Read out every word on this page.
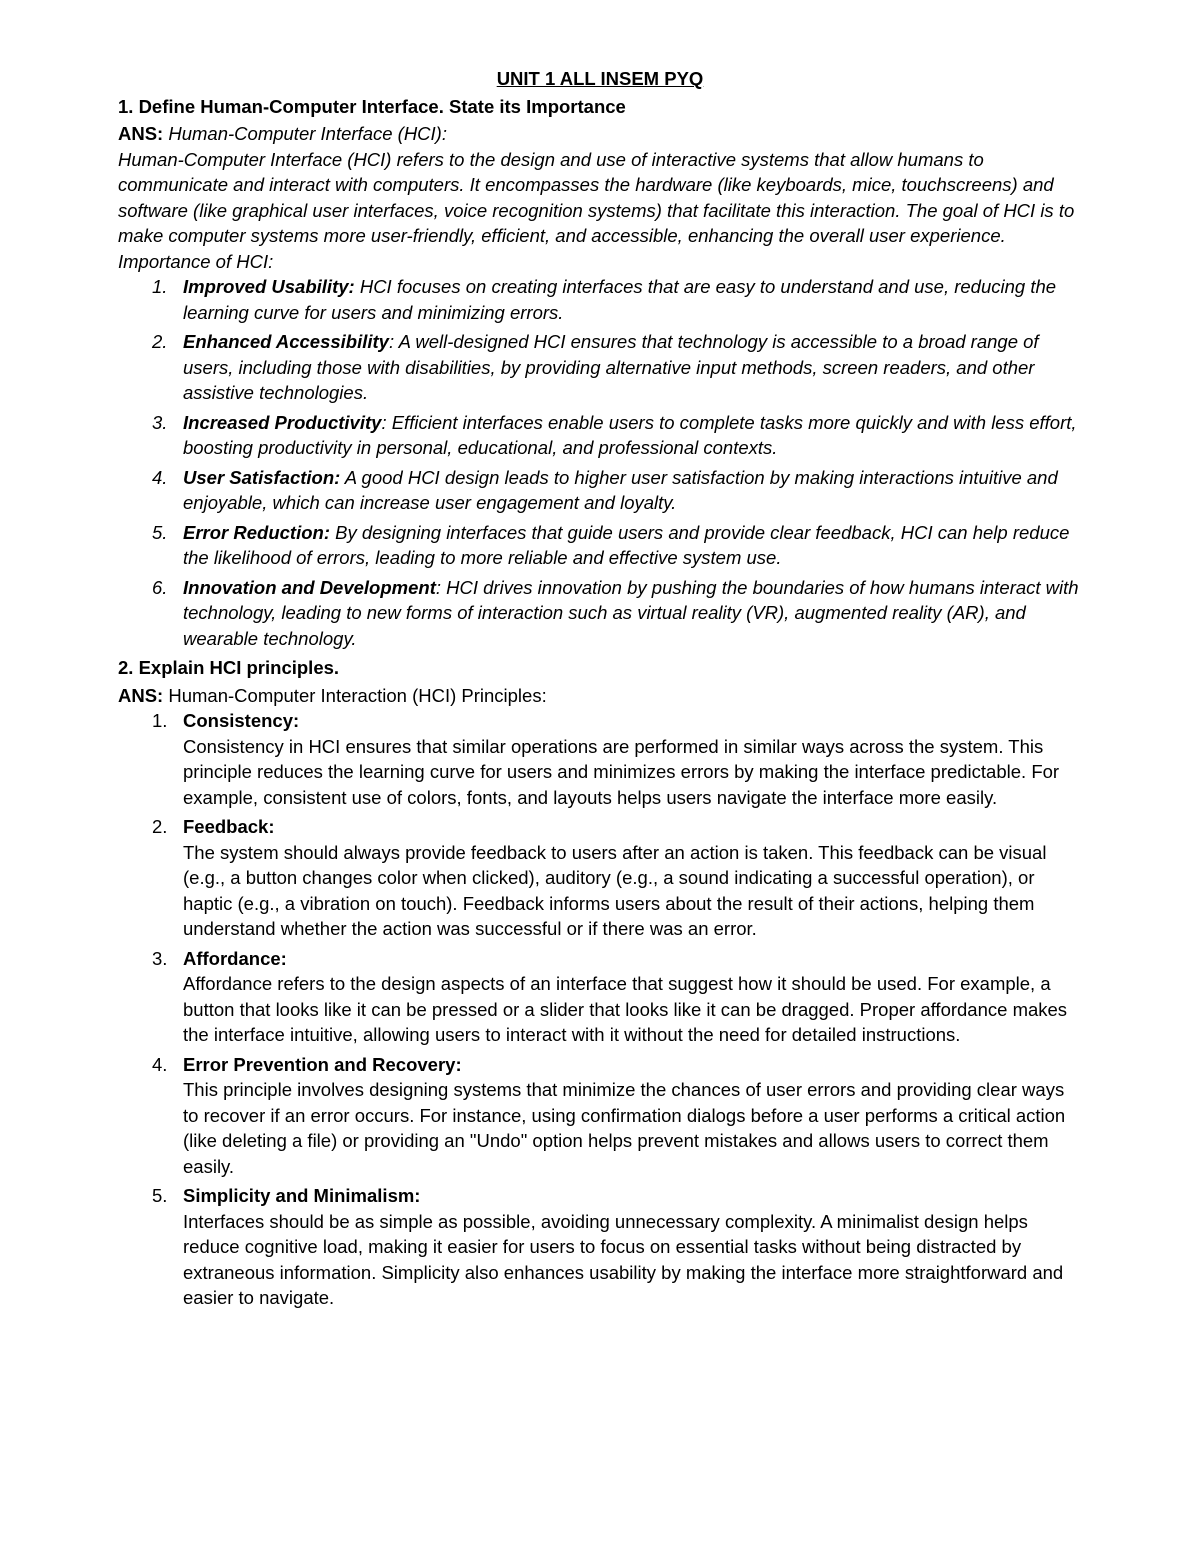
UNIT 1 ALL INSEM PYQ
1. Define Human-Computer Interface. State its Importance

ANS: Human-Computer Interface (HCI):

Human-Computer Interface (HCI) refers to the design and use of interactive systems that allow humans to communicate and interact with computers. It encompasses the hardware (like keyboards, mice, touchscreens) and software (like graphical user interfaces, voice recognition systems) that facilitate this interaction. The goal of HCI is to make computer systems more user-friendly, efficient, and accessible, enhancing the overall user experience.

Importance of HCI:

1. Improved Usability: HCI focuses on creating interfaces that are easy to understand and use, reducing the learning curve for users and minimizing errors.
2. Enhanced Accessibility: A well-designed HCI ensures that technology is accessible to a broad range of users, including those with disabilities, by providing alternative input methods, screen readers, and other assistive technologies.
3. Increased Productivity: Efficient interfaces enable users to complete tasks more quickly and with less effort, boosting productivity in personal, educational, and professional contexts.
4. User Satisfaction: A good HCI design leads to higher user satisfaction by making interactions intuitive and enjoyable, which can increase user engagement and loyalty.
5. Error Reduction: By designing interfaces that guide users and provide clear feedback, HCI can help reduce the likelihood of errors, leading to more reliable and effective system use.
6. Innovation and Development: HCI drives innovation by pushing the boundaries of how humans interact with technology, leading to new forms of interaction such as virtual reality (VR), augmented reality (AR), and wearable technology.
2. Explain HCI principles.

ANS: Human-Computer Interaction (HCI) Principles:

1. Consistency:
Consistency in HCI ensures that similar operations are performed in similar ways across the system. This principle reduces the learning curve for users and minimizes errors by making the interface predictable. For example, consistent use of colors, fonts, and layouts helps users navigate the interface more easily.
2. Feedback:
The system should always provide feedback to users after an action is taken. This feedback can be visual (e.g., a button changes color when clicked), auditory (e.g., a sound indicating a successful operation), or haptic (e.g., a vibration on touch). Feedback informs users about the result of their actions, helping them understand whether the action was successful or if there was an error.
3. Affordance:
Affordance refers to the design aspects of an interface that suggest how it should be used. For example, a button that looks like it can be pressed or a slider that looks like it can be dragged. Proper affordance makes the interface intuitive, allowing users to interact with it without the need for detailed instructions.
4. Error Prevention and Recovery:
This principle involves designing systems that minimize the chances of user errors and providing clear ways to recover if an error occurs. For instance, using confirmation dialogs before a user performs a critical action (like deleting a file) or providing an "Undo" option helps prevent mistakes and allows users to correct them easily.
5. Simplicity and Minimalism:
Interfaces should be as simple as possible, avoiding unnecessary complexity. A minimalist design helps reduce cognitive load, making it easier for users to focus on essential tasks without being distracted by extraneous information. Simplicity also enhances usability by making the interface more straightforward and easier to navigate.
